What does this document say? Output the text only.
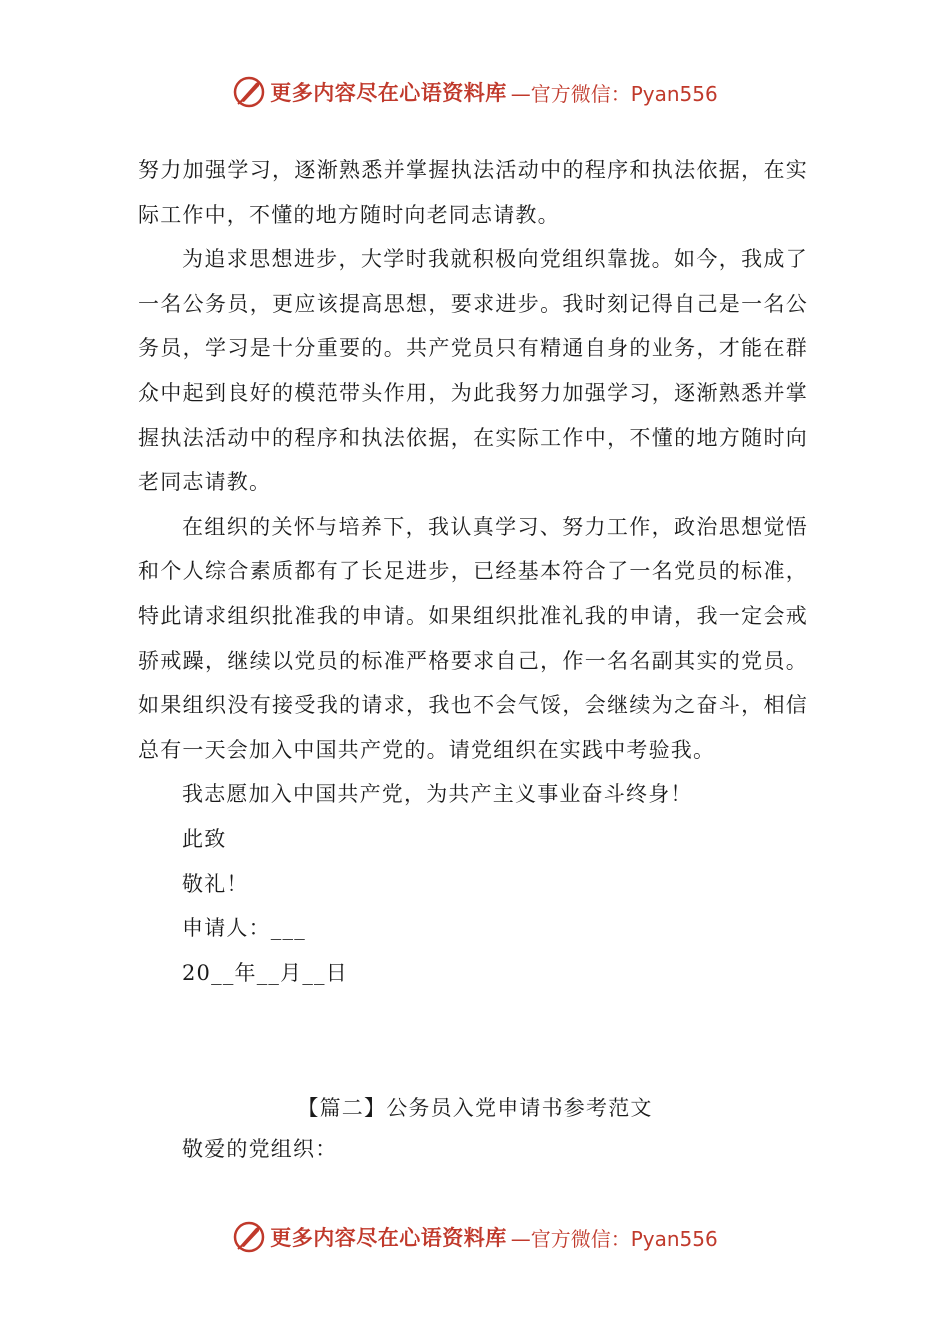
更多内容尽在心语资料库 —官方微信：Pyan556

努力加强学习，逐渐熟悉并掌握执法活动中的程序和执法依据，在实际工作中，不懂的地方随时向老同志请教。

为追求思想进步，大学时我就积极向党组织靠拢。如今，我成了一名公务员，更应该提高思想，要求进步。我时刻记得自己是一名公务员，学习是十分重要的。共产党员只有精通自身的业务，才能在群众中起到良好的模范带头作用，为此我努力加强学习，逐渐熟悉并掌握执法活动中的程序和执法依据，在实际工作中，不懂的地方随时向老同志请教。

在组织的关怀与培养下，我认真学习、努力工作，政治思想觉悟和个人综合素质都有了长足进步，已经基本符合了一名党员的标准，特此请求组织批准我的申请。如果组织批准礼我的申请，我一定会戒骄戒躁，继续以党员的标准严格要求自己，作一名名副其实的党员。如果组织没有接受我的请求，我也不会气馁，会继续为之奋斗，相信总有一天会加入中国共产党的。请党组织在实践中考验我。

我志愿加入中国共产党，为共产主义事业奋斗终身！

此致

敬礼！

申请人：___

20__年__月__日

【篇二】公务员入党申请书参考范文
敬爱的党组织：
更多内容尽在心语资料库 —官方微信：Pyan556
